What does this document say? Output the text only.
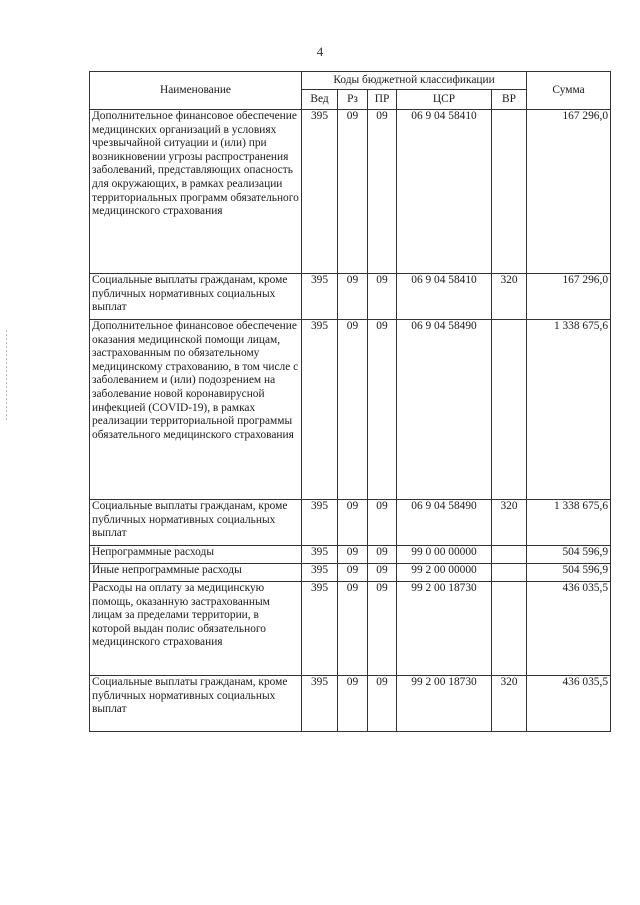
4
Наименование	Коды бюджетной классификации					Сумма
	Вед	Рз	ПР	ЦСР	ВР	
Дополнительное финансовое обеспечение медицинских организаций в условиях чрезвычайной ситуации и (или) при возникновении угрозы распространения заболеваний, представляющих опасность для окружающих, в рамках реализации территориальных программ обязательного медицинского страхования	395	09	09	06 9 04 58410		167 296,0
Социальные выплаты гражданам, кроме публичных нормативных социальных выплат	395	09	09	06 9 04 58410	320	167 296,0
Дополнительное финансовое обеспечение оказания медицинской помощи лицам, застрахованным по обязательному медицинскому страхованию, в том числе с заболеванием и (или) подозрением на заболевание новой коронавирусной инфекцией (COVID-19), в рамках реализации территориальной программы обязательного медицинского страхования	395	09	09	06 9 04 58490		1 338 675,6
Социальные выплаты гражданам, кроме публичных нормативных социальных выплат	395	09	09	06 9 04 58490	320	1 338 675,6
Непрограммные расходы	395	09	09	99 0 00 00000		504 596,9
Иные непрограммные расходы	395	09	09	99 2 00 00000		504 596,9
Расходы на оплату за медицинскую помощь, оказанную застрахованным лицам за пределами территории, в которой выдан полис обязательного медицинского страхования	395	09	09	99 2 00 18730		436 035,5
Социальные выплаты гражданам, кроме публичных нормативных социальных выплат	395	09	09	99 2 00 18730	320	436 035,5
